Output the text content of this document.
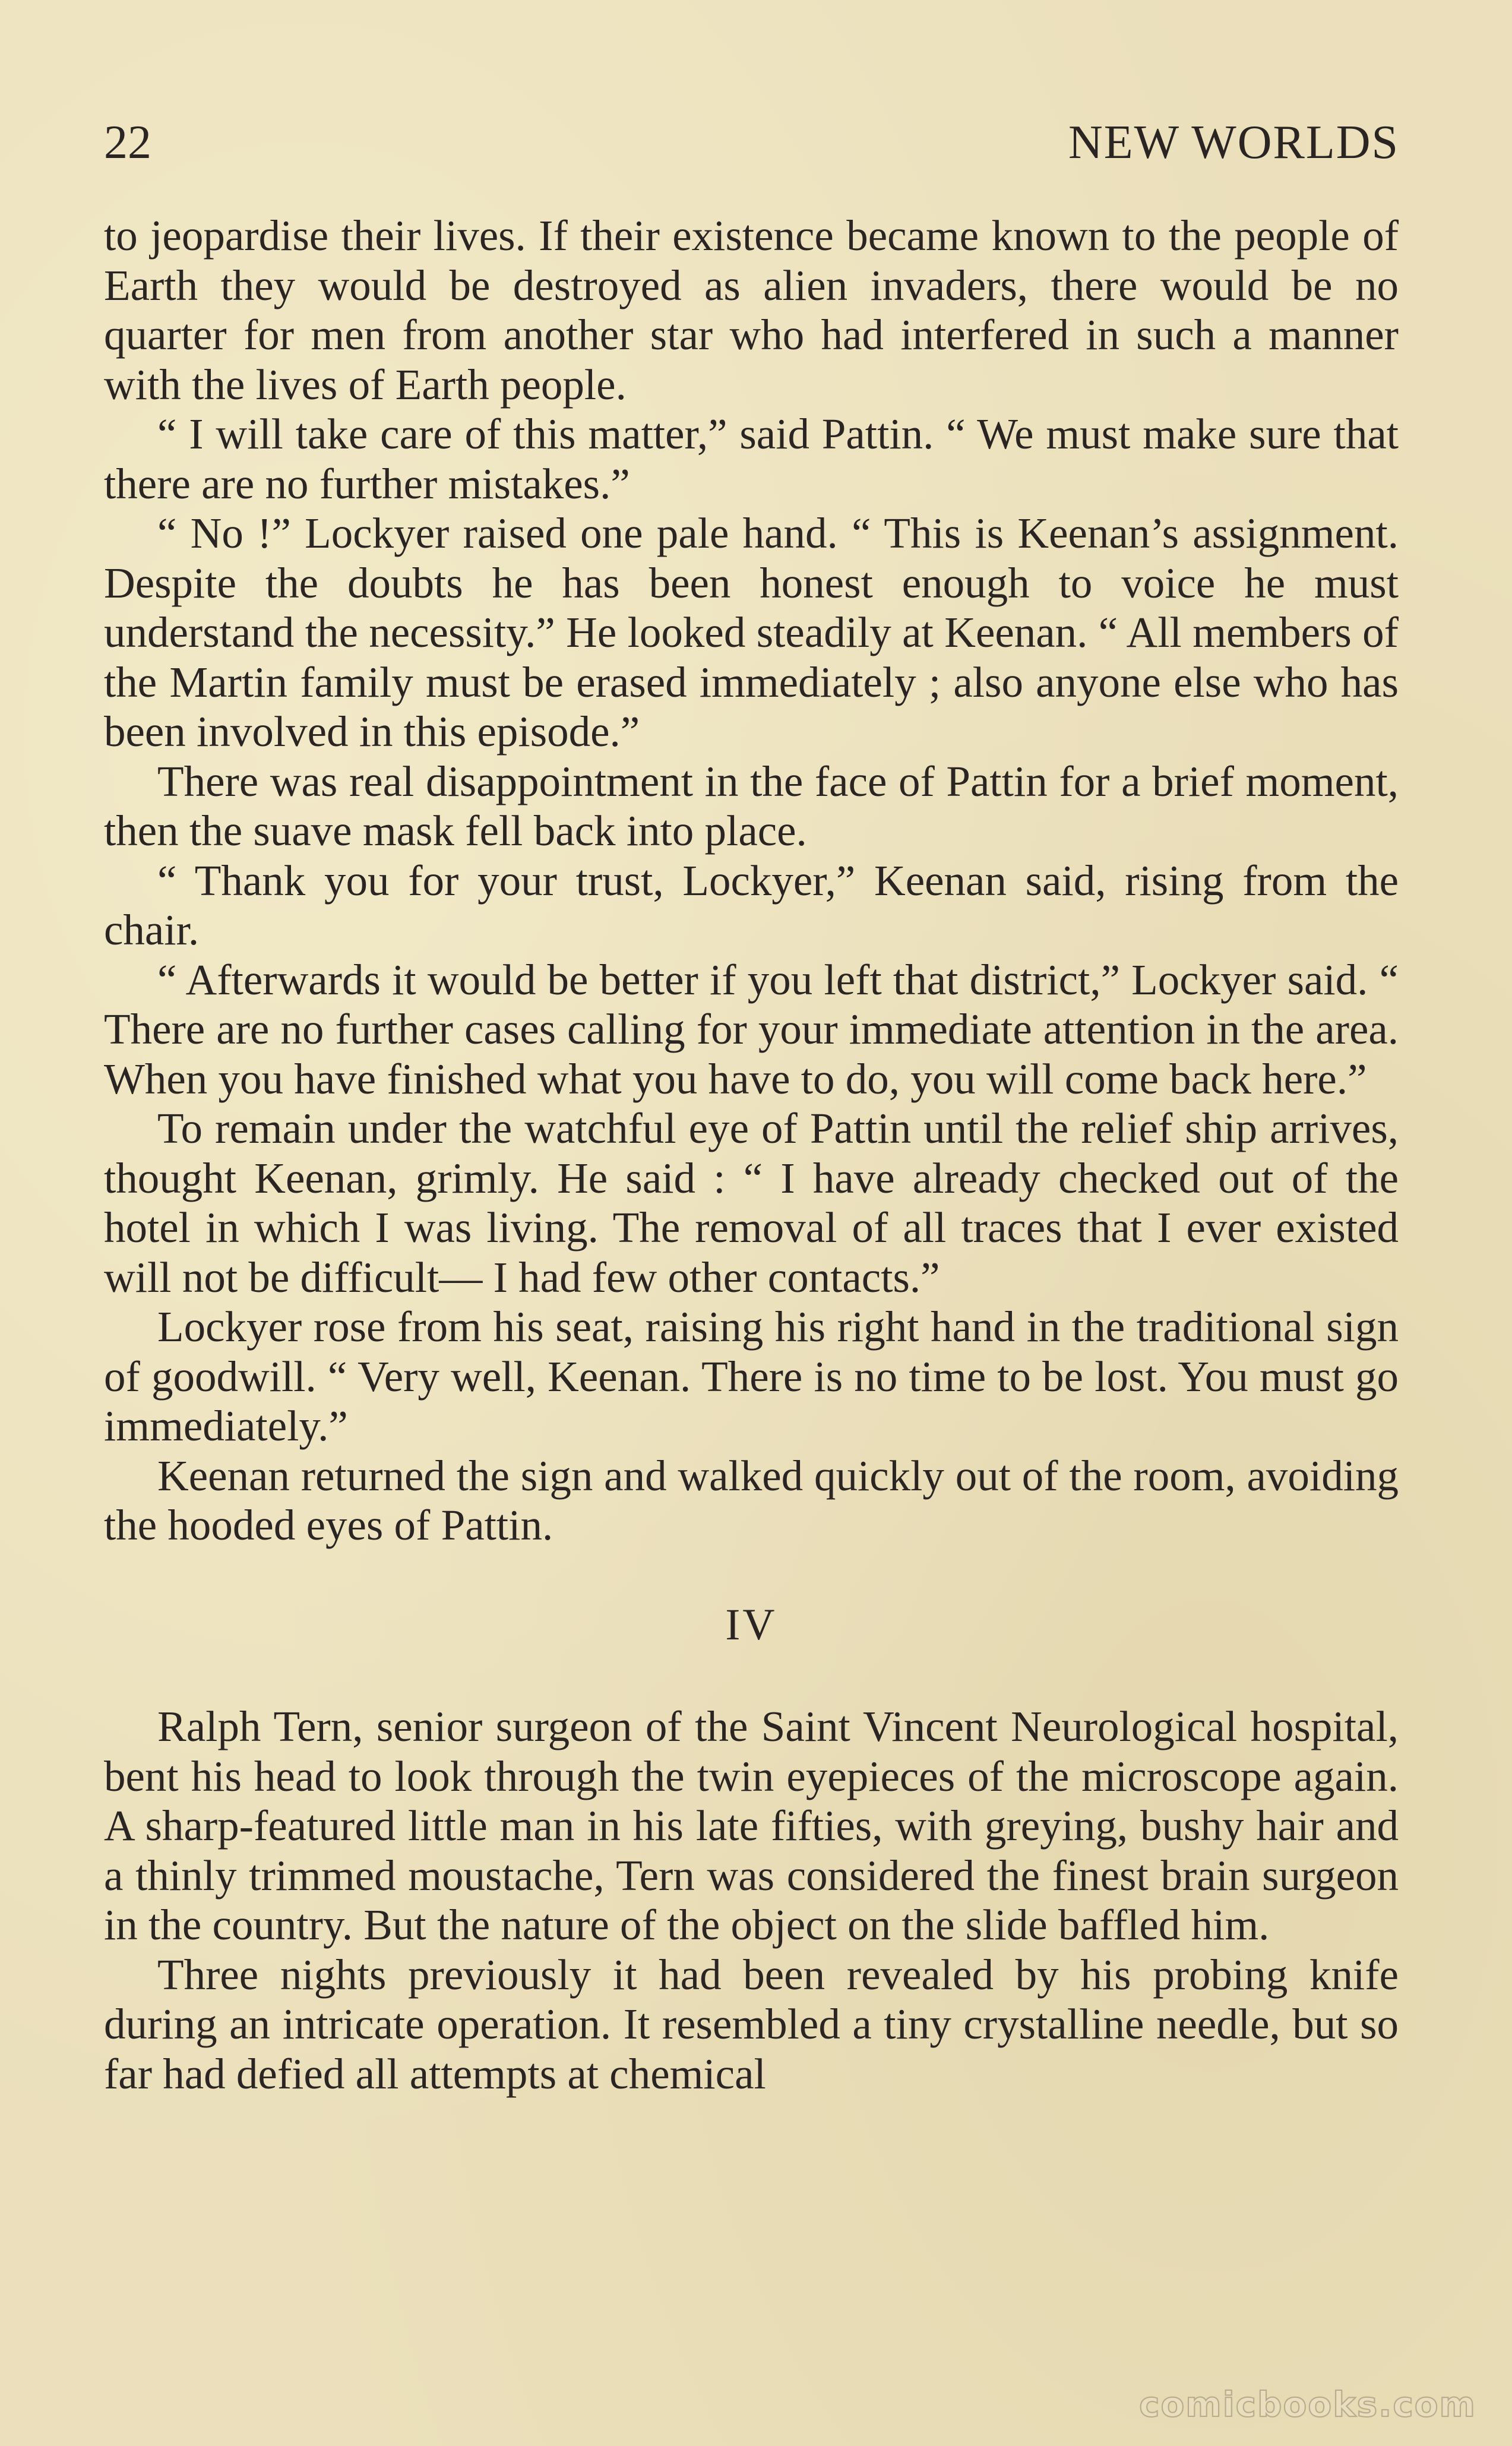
22	NEW WORLDS

to jeopardise their lives. If their existence became known to the people of Earth they would be destroyed as alien invaders, there would be no quarter for men from another star who had interfered in such a manner with the lives of Earth people.

“ I will take care of this matter,” said Pattin. “ We must make sure that there are no further mistakes.”

“ No !” Lockyer raised one pale hand. “ This is Keenan’s assignment. Despite the doubts he has been honest enough to voice he must understand the necessity.” He looked steadily at Keenan. “ All members of the Martin family must be erased immediately ; also anyone else who has been involved in this episode.”

There was real disappointment in the face of Pattin for a brief moment, then the suave mask fell back into place.

“ Thank you for your trust, Lockyer,” Keenan said, rising from the chair.

“ Afterwards it would be better if you left that district,” Lockyer said. “ There are no further cases calling for your immediate attention in the area. When you have finished what you have to do, you will come back here.”

To remain under the watchful eye of Pattin until the relief ship arrives, thought Keenan, grimly. He said : “ I have already checked out of the hotel in which I was living. The removal of all traces that I ever existed will not be difficult— I had few other contacts.”

Lockyer rose from his seat, raising his right hand in the traditional sign of goodwill. “ Very well, Keenan. There is no time to be lost. You must go immediately.”

Keenan returned the sign and walked quickly out of the room, avoiding the hooded eyes of Pattin.

IV

Ralph Tern, senior surgeon of the Saint Vincent Neurological hospital, bent his head to look through the twin eyepieces of the microscope again. A sharp-featured little man in his late fifties, with greying, bushy hair and a thinly trimmed moustache, Tern was considered the finest brain surgeon in the country. But the nature of the object on the slide baffled him.

Three nights previously it had been revealed by his probing knife during an intricate operation. It resembled a tiny crystalline needle, but so far had defied all attempts at chemical

comicbooks.com
